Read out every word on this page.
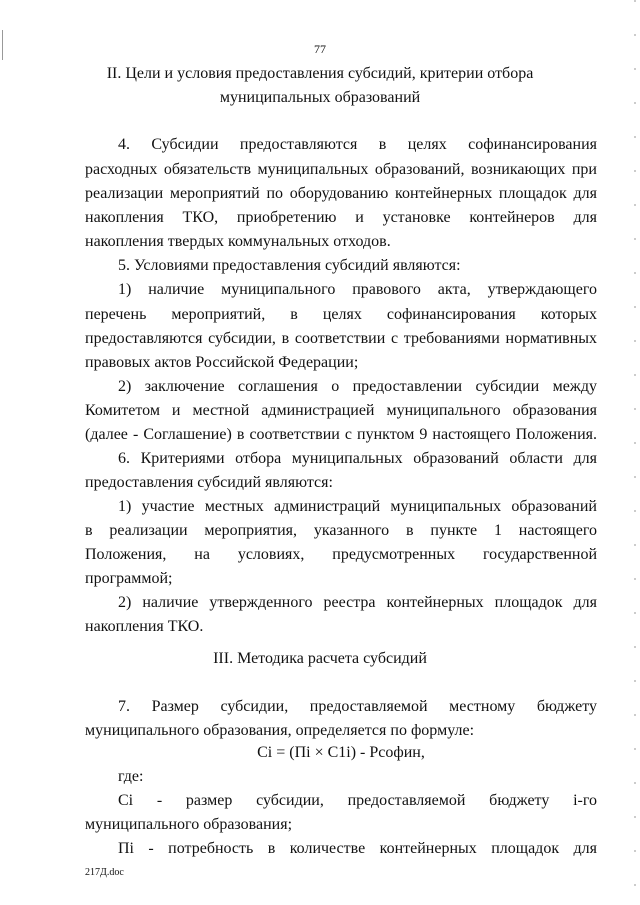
77
II. Цели и условия предоставления субсидий, критерии отбора
муниципальных образований
4. Субсидии предоставляются в целях софинансирования
расходных обязательств муниципальных образований, возникающих при
реализации мероприятий по оборудованию контейнерных площадок для
накопления ТКО, приобретению и установке контейнеров для
накопления твердых коммунальных отходов.
5. Условиями предоставления субсидий являются:
1) наличие муниципального правового акта, утверждающего
перечень мероприятий, в целях софинансирования которых
предоставляются субсидии, в соответствии с требованиями нормативных
правовых актов Российской Федерации;
2) заключение соглашения о предоставлении субсидии между
Комитетом и местной администрацией муниципального образования
(далее - Соглашение) в соответствии с пунктом 9 настоящего Положения.
6. Критериями отбора муниципальных образований области для
предоставления субсидий являются:
1) участие местных администраций муниципальных образований
в реализации мероприятия, указанного в пункте 1 настоящего
Положения, на условиях, предусмотренных государственной
программой;
2) наличие утвержденного реестра контейнерных площадок для
накопления ТКО.
III. Методика расчета субсидий
7. Размер субсидии, предоставляемой местному бюджету
муниципального образования, определяется по формуле:
Ci = (Пi × С1i) - Рсофин,
где:
Ci - размер субсидии, предоставляемой бюджету i-го
муниципального образования;
Пi - потребность в количестве контейнерных площадок для
217Д.doc
